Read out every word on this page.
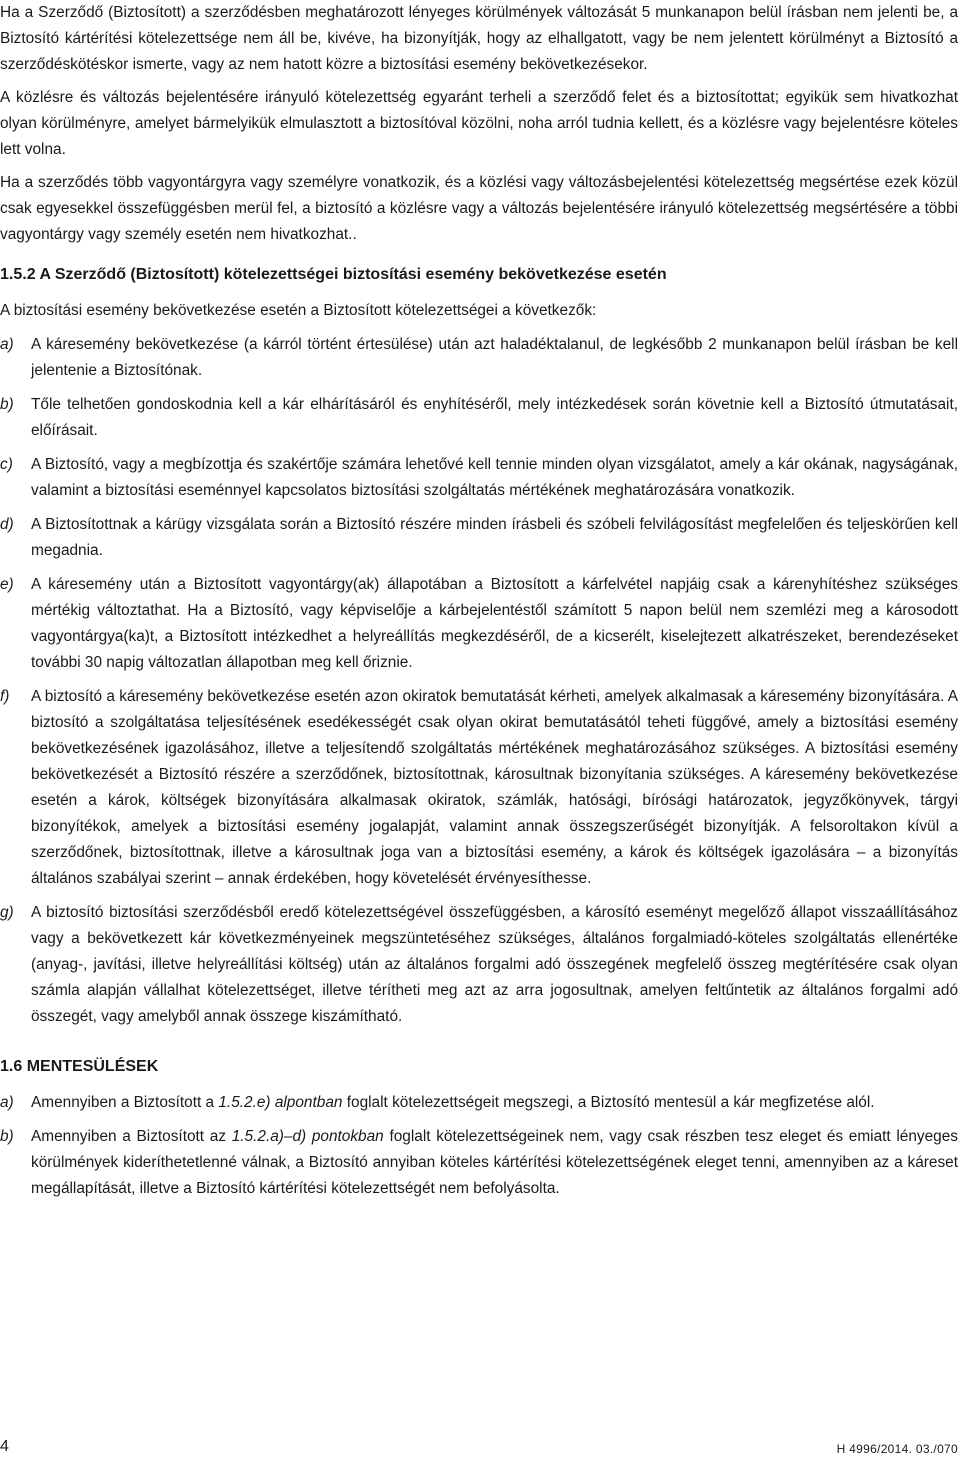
Ha a Szerződő (Biztosított) a szerződésben meghatározott lényeges körülmények változását 5 munkanapon belül írásban nem jelenti be, a Biztosító kártérítési kötelezettsége nem áll be, kivéve, ha bizonyítják, hogy az elhallgatott, vagy be nem jelentett körülményt a Biztosító a szerződéskötéskor ismerte, vagy az nem hatott közre a biztosítási esemény bekövetkezésekor.

A közlésre és változás bejelentésére irányuló kötelezettség egyaránt terheli a szerződő felet és a biztosítottat; egyikük sem hivatkozhat olyan körülményre, amelyet bármelyikük elmulasztott a biztosítóval közölni, noha arról tudnia kellett, és a közlésre vagy bejelentésre köteles lett volna.

Ha a szerződés több vagyontárgyra vagy személyre vonatkozik, és a közlési vagy változásbejelentési kötelezettség megsértése ezek közül csak egyesekkel összefüggésben merül fel, a biztosító a közlésre vagy a változás bejelentésére irányuló kötelezettség megsértésére a többi vagyontárgy vagy személy esetén nem hivatkozhat..

1.5.2 A Szerződő (Biztosított) kötelezettségei biztosítási esemény bekövetkezése esetén

A biztosítási esemény bekövetkezése esetén a Biztosított kötelezettségei a következők:

a) A káresemény bekövetkezése (a kárról történt értesülése) után azt haladéktalanul, de legkésőbb 2 munkanapon belül írásban be kell jelentenie a Biztosítónak.
b) Tőle telhetően gondoskodnia kell a kár elhárításáról és enyhítéséről, mely intézkedések során követnie kell a Biztosító útmutatásait, előírásait.
c) A Biztosító, vagy a megbízottja és szakértője számára lehetővé kell tennie minden olyan vizsgálatot, amely a kár okának, nagyságának, valamint a biztosítási eseménnyel kapcsolatos biztosítási szolgáltatás mértékének meghatározására vonatkozik.
d) A Biztosítottnak a kárügy vizsgálata során a Biztosító részére minden írásbeli és szóbeli felvilágosítást megfelelően és teljeskörűen kell megadnia.
e) A káresemény után a Biztosított vagyontárgy(ak) állapotában a Biztosított a kárfelvétel napjáig csak a kárenyhítéshez szükséges mértékig változtathat. Ha a Biztosító, vagy képviselője a kárbejelentéstől számított 5 napon belül nem szemlézi meg a károsodott vagyontárgya(ka)t, a Biztosított intézkedhet a helyreállítás megkezdéséről, de a kicserélt, kiselejtezett alkatrészeket, berendezéseket további 30 napig változatlan állapotban meg kell őriznie.
f) A biztosító a káresemény bekövetkezése esetén azon okiratok bemutatását kérheti, amelyek alkalmasak a káresemény bizonyítására. A biztosító a szolgáltatása teljesítésének esedékességét csak olyan okirat bemutatásától teheti függővé, amely a biztosítási esemény bekövetkezésének igazolásához, illetve a teljesítendő szolgáltatás mértékének meghatározásához szükséges. A biztosítási esemény bekövetkezését a Biztosító részére a szerződőnek, biztosítottnak, károsultnak bizonyítania szükséges. A káresemény bekövetkezése esetén a károk, költségek bizonyítására alkalmasak okiratok, számlák, hatósági, bírósági határozatok, jegyzőkönyvek, tárgyi bizonyítékok, amelyek a biztosítási esemény jogalapját, valamint annak összegszerűségét bizonyítják. A felsoroltakon kívül a szerződőnek, biztosítottnak, illetve a károsultnak joga van a biztosítási esemény, a károk és költségek igazolására – a bizonyítás általános szabályai szerint – annak érdekében, hogy követelését érvényesíthesse.
g) A biztosító biztosítási szerződésből eredő kötelezettségével összefüggésben, a károsító eseményt megelőző állapot visszaállításához vagy a bekövetkezett kár következményeinek megszüntetéséhez szükséges, általános forgalmiadó-köteles szolgáltatás ellenértéke (anyag-, javítási, illetve helyreállítási költség) után az általános forgalmi adó összegének megfelelő összeg megtérítésére csak olyan számla alapján vállalhat kötelezettséget, illetve térítheti meg azt az arra jogosultnak, amelyen feltűntetik az általános forgalmi adó összegét, vagy amelyből annak összege kiszámítható.
1.6 MENTESÜLÉSEK
a) Amennyiben a Biztosított a 1.5.2.e) alpontban foglalt kötelezettségeit megszegi, a Biztosító mentesül a kár megfizetése alól.
b) Amennyiben a Biztosított az 1.5.2.a)–d) pontokban foglalt kötelezettségeinek nem, vagy csak részben tesz eleget és emiatt lényeges körülmények kideríthetetlenné válnak, a Biztosító annyiban köteles kártérítési kötelezettségének eleget tenni, amennyiben az a káreset megállapítását, illetve a Biztosító kártérítési kötelezettségét nem befolyásolta.
4	H 4996/2014. 03./070
